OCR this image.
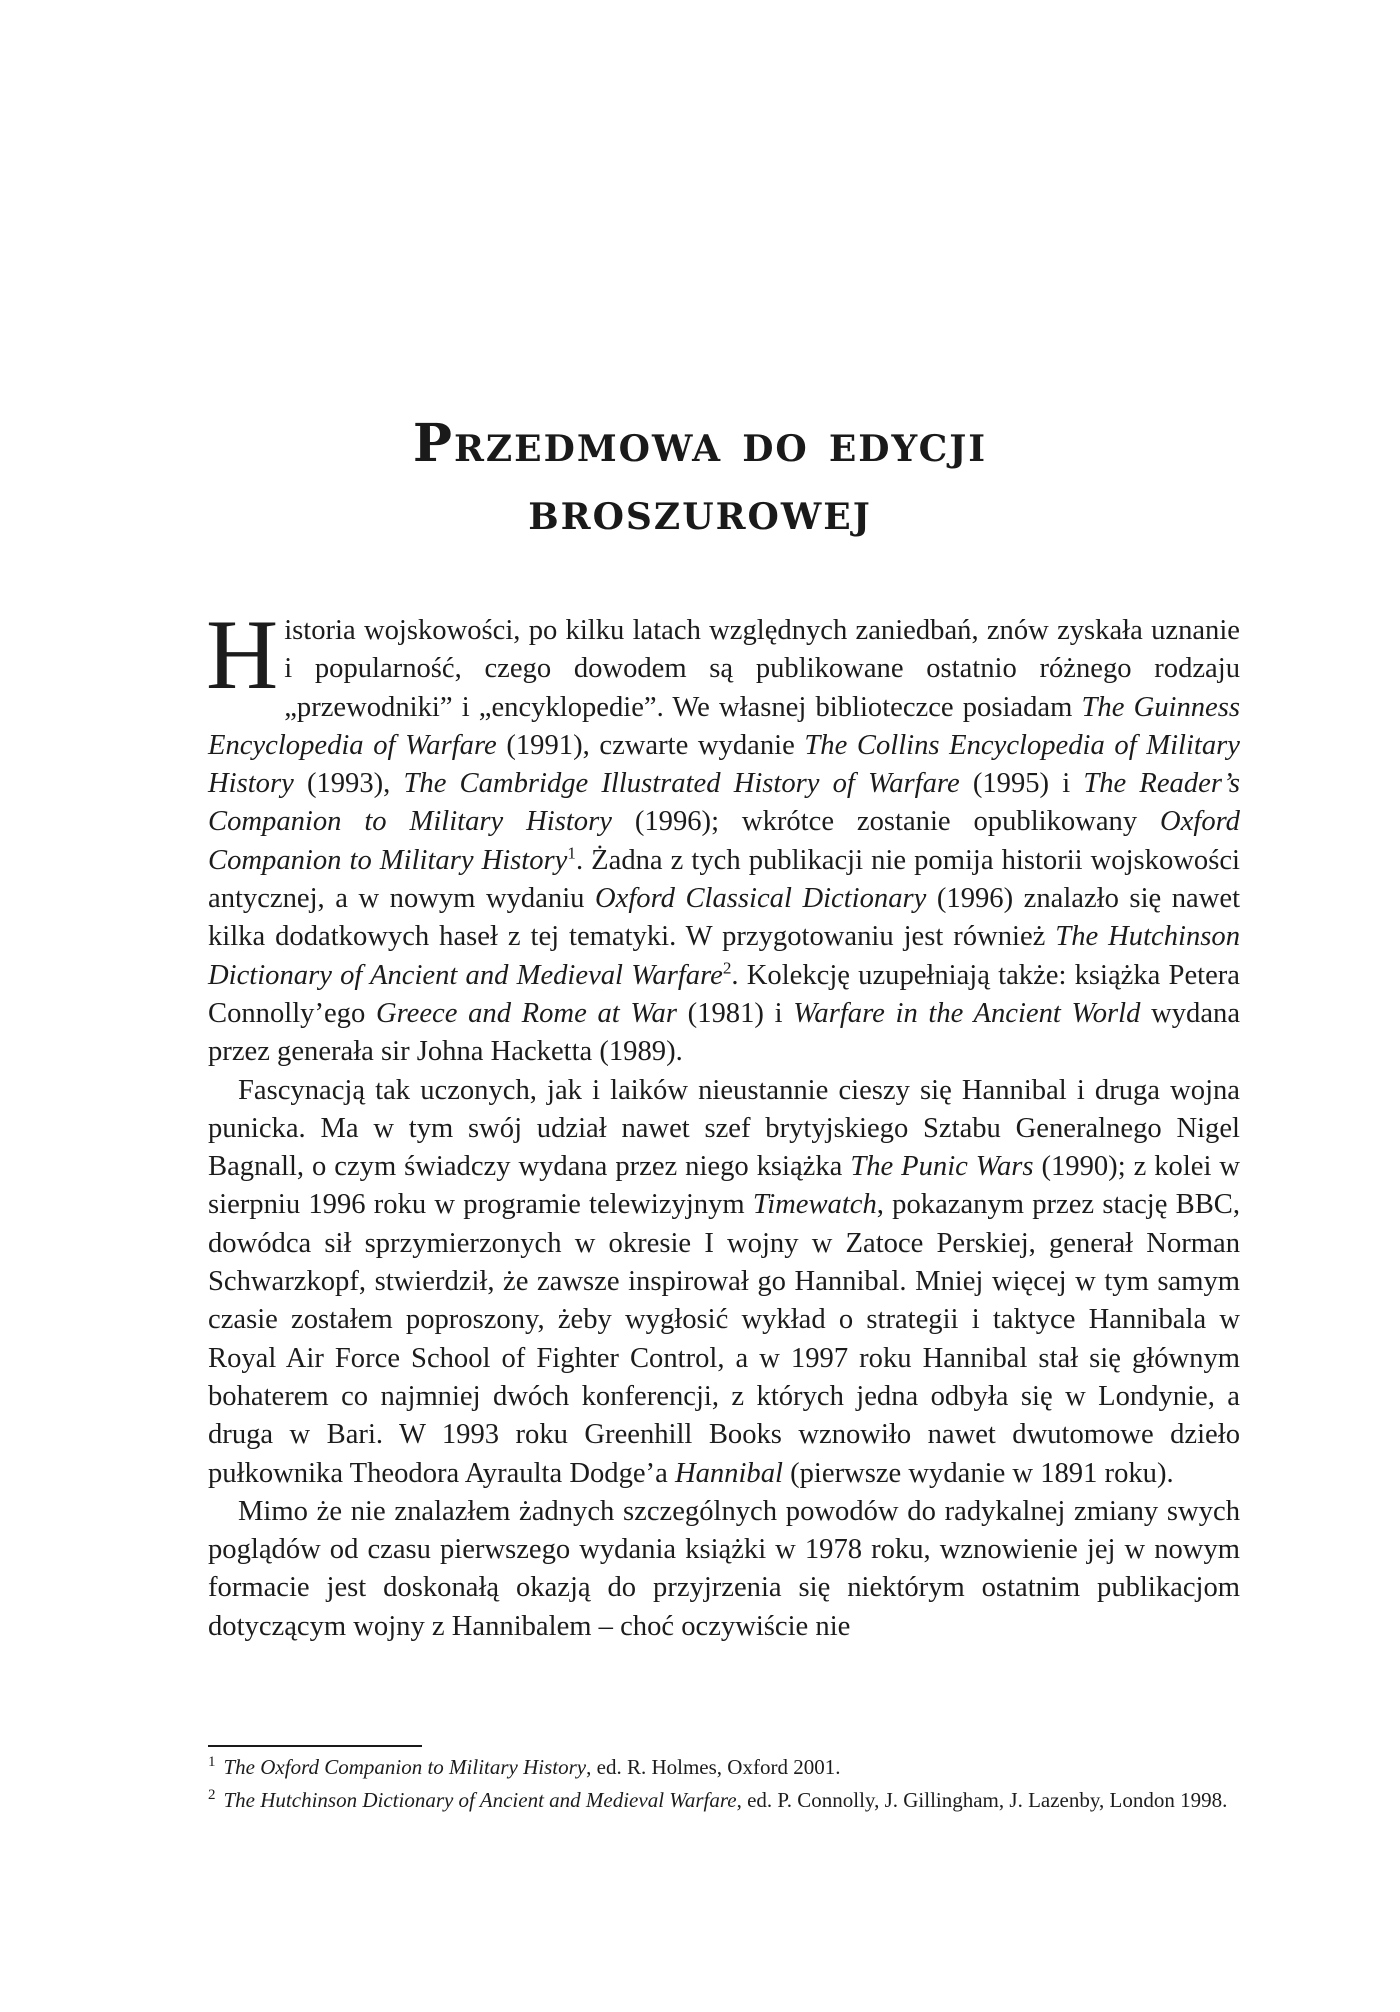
Przedmowa do edycji
broszurowej

Historia wojskowości, po kilku latach względnych zaniedbań, znów zyskała uznanie i popularność, czego dowodem są publikowane ostatnio różnego rodzaju „przewodniki” i „encyklopedie”. We własnej biblioteczce posiadam The Guinness Encyclopedia of Warfare (1991), czwarte wydanie The Collins Encyclopedia of Military History (1993), The Cambridge Illustrated History of Warfare (1995) i The Reader’s Companion to Military History (1996); wkrótce zostanie opublikowany Oxford Companion to Military History$^1$. Żadna z tych publikacji nie pomija historii wojskowości antycznej, a w nowym wydaniu Oxford Classical Dictionary (1996) znalazło się nawet kilka dodatkowych haseł z tej tematyki. W przygotowaniu jest również The Hutchinson Dictionary of Ancient and Medieval Warfare$^2$. Kolekcję uzupełniają także: książka Petera Connolly’ego Greece and Rome at War (1981) i Warfare in the Ancient World wydana przez generała sir Johna Hacketta (1989).

Fascynacją tak uczonych, jak i laików nieustannie cieszy się Hannibal i druga wojna punicka. Ma w tym swój udział nawet szef brytyjskiego Sztabu Generalnego Nigel Bagnall, o czym świadczy wydana przez niego książka The Punic Wars (1990); z kolei w sierpniu 1996 roku w programie telewizyjnym Timewatch, pokazanym przez stację BBC, dowódca sił sprzymierzonych w okresie I wojny w Zatoce Perskiej, generał Norman Schwarzkopf, stwierdził, że zawsze inspirował go Hannibal. Mniej więcej w tym samym czasie zostałem poproszony, żeby wygłosić wykład o strategii i taktyce Hannibala w Royal Air Force School of Fighter Control, a w 1997 roku Hannibal stał się głównym bohaterem co najmniej dwóch konferencji, z których jedna odbyła się w Londynie, a druga w Bari. W 1993 roku Greenhill Books wznowiło nawet dwutomowe dzieło pułkownika Theodora Ayraulta Dodge’a Hannibal (pierwsze wydanie w 1891 roku).

Mimo że nie znalazłem żadnych szczególnych powodów do radykalnej zmiany swych poglądów od czasu pierwszego wydania książki w 1978 roku, wznowienie jej w nowym formacie jest doskonałą okazją do przyjrzenia się niektórym ostatnim publikacjom dotyczącym wojny z Hannibalem – choć oczywiście nie

$^1$ The Oxford Companion to Military History, ed. R. Holmes, Oxford 2001.

$^2$ The Hutchinson Dictionary of Ancient and Medieval Warfare, ed. P. Connolly, J. Gillingham, J. Lazenby, London 1998.
